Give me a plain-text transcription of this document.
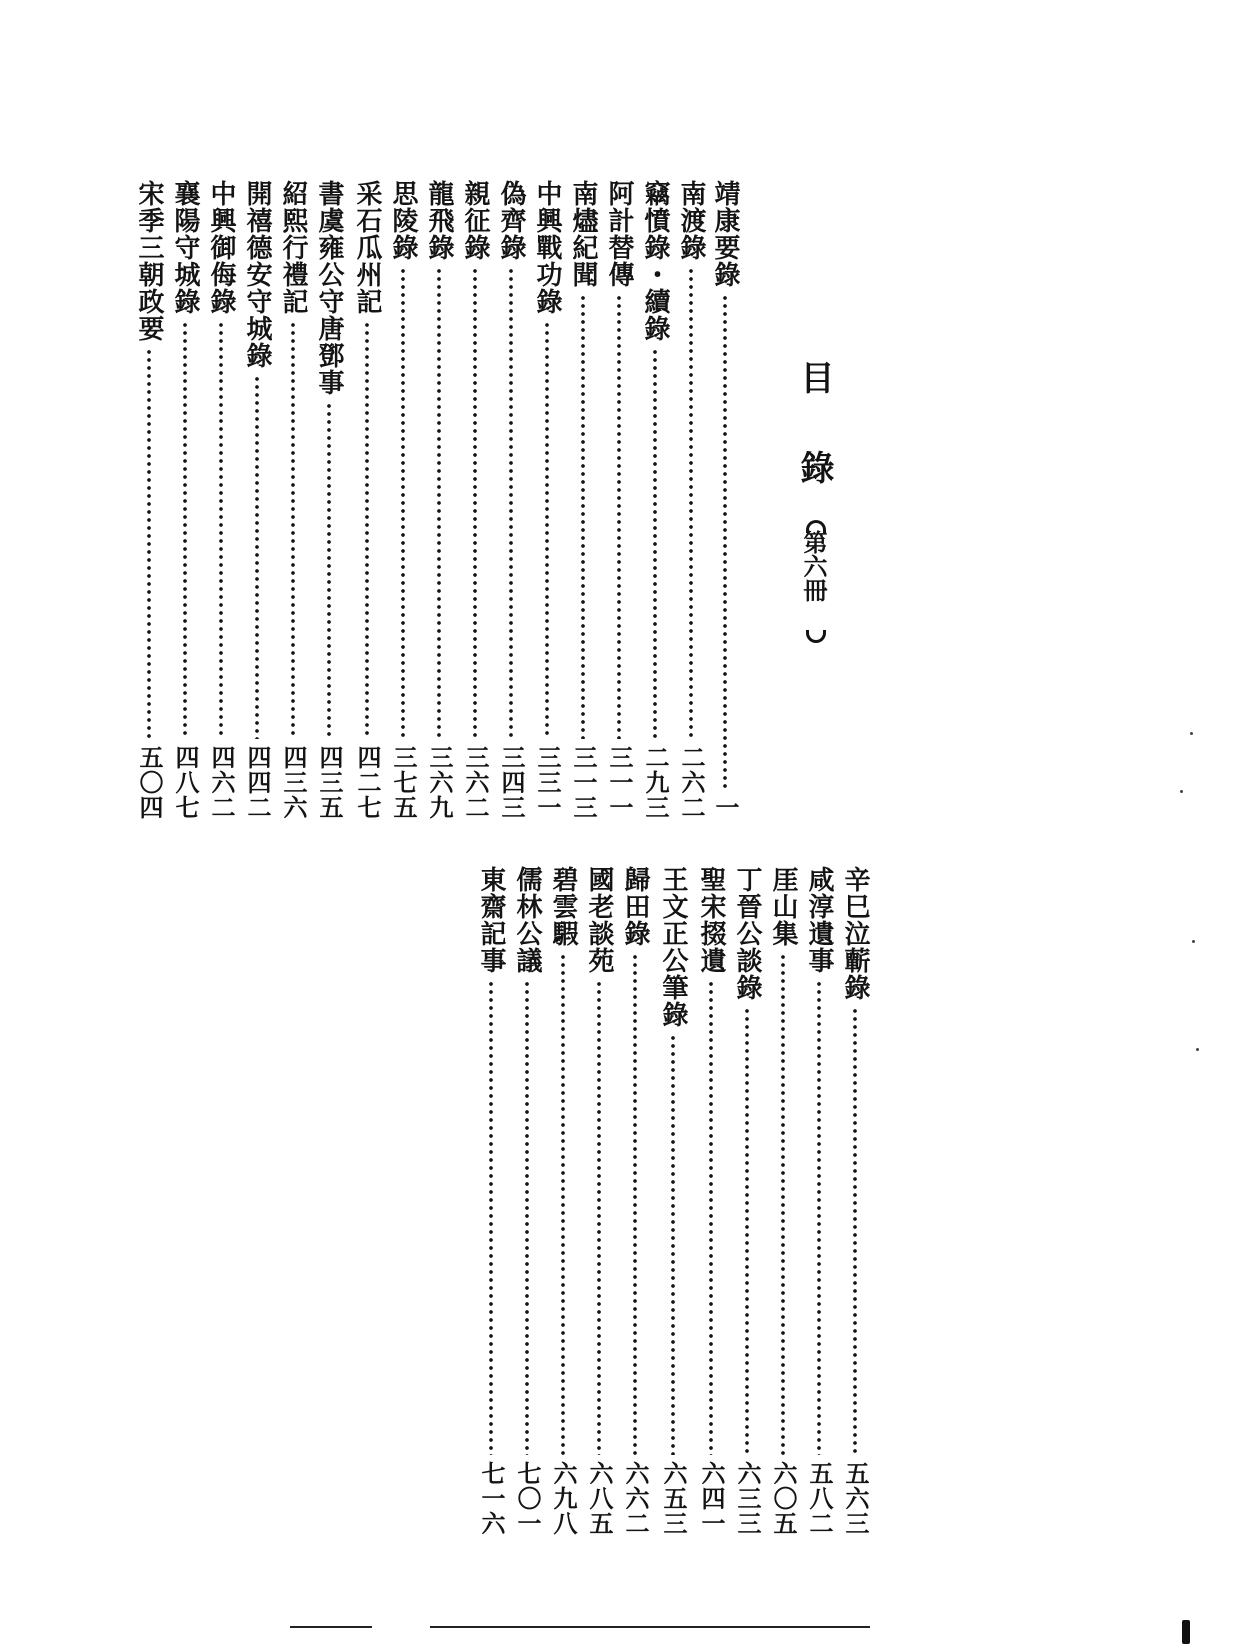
目
錄
第六冊
靖康要錄
一
南渡錄
二六二
竊憤錄・續錄
二九三
阿計替傳
三一一
南燼紀聞
三一三
中興戰功錄
三三一
偽齊錄
三四三
親征錄
三六二
龍飛錄
三六九
思陵錄
三七五
采石瓜州記
四二七
書虞雍公守唐鄧事
四三五
紹熙行禮記
四三六
開禧德安守城錄
四四二
中興御侮錄
四六二
襄陽守城錄
四八七
宋季三朝政要
五〇四
辛巳泣蘄錄
五六三
咸淳遺事
五八二
厓山集
六〇五
丁晉公談錄
六三三
聖宋掇遺
六四一
王文正公筆錄
六五三
歸田錄
六六二
國老談苑
六八五
碧雲騢
六九八
儒林公議
七〇一
東齋記事
七一六
